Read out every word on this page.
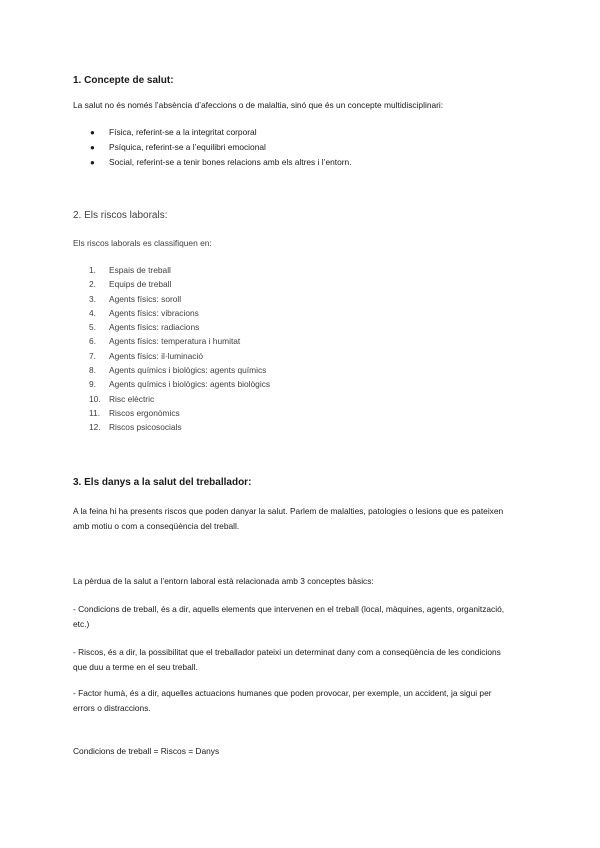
1. Concepte de salut:
La salut no és només l’absència d’afeccions o de malaltia, sinó que és un concepte multidisciplinari:
● Física, referint-se a la integritat corporal
● Psíquica, referint-se a l’equilibri emocional
● Social, referint-se a tenir bones relacions amb els altres i l’entorn.
2. Els riscos laborals:
Els riscos laborals es classifiquen en:
1.	Espais de treball
2.	Equips de treball
3.	Agents físics: soroll
4.	Agents físics: vibracions
5.	Agents físics: radiacions
6.	Agents físics: temperatura i humitat
7.	Agents físics: il·luminació
8.	Agents químics i biològics: agents químics
9.	Agents químics i biològics: agents biològics
10. Risc elèctric
11.	Riscos ergonòmics
12. Riscos psicosocials
3. Els danys a la salut del treballador:
A la feina hi ha presents riscos que poden danyar la salut. Parlem de malalties, patologies o lesions que es pateixen amb motiu o com a conseqüència del treball.
La pèrdua de la salut a l’entorn laboral està relacionada amb 3 conceptes bàsics:
- Condicions de treball, és a dir, aquells elements que intervenen en el treball (local, màquines, agents, organització, etc.)
- Riscos, és a dir, la possibilitat que el treballador pateixi un determinat dany com a conseqüència de les condicions que duu a terme en el seu treball.
- Factor humà, és a dir, aquelles actuacions humanes que poden provocar, per exemple, un accident, ja sigui per errors o distraccions.
Condicions de treball = Riscos = Danys
